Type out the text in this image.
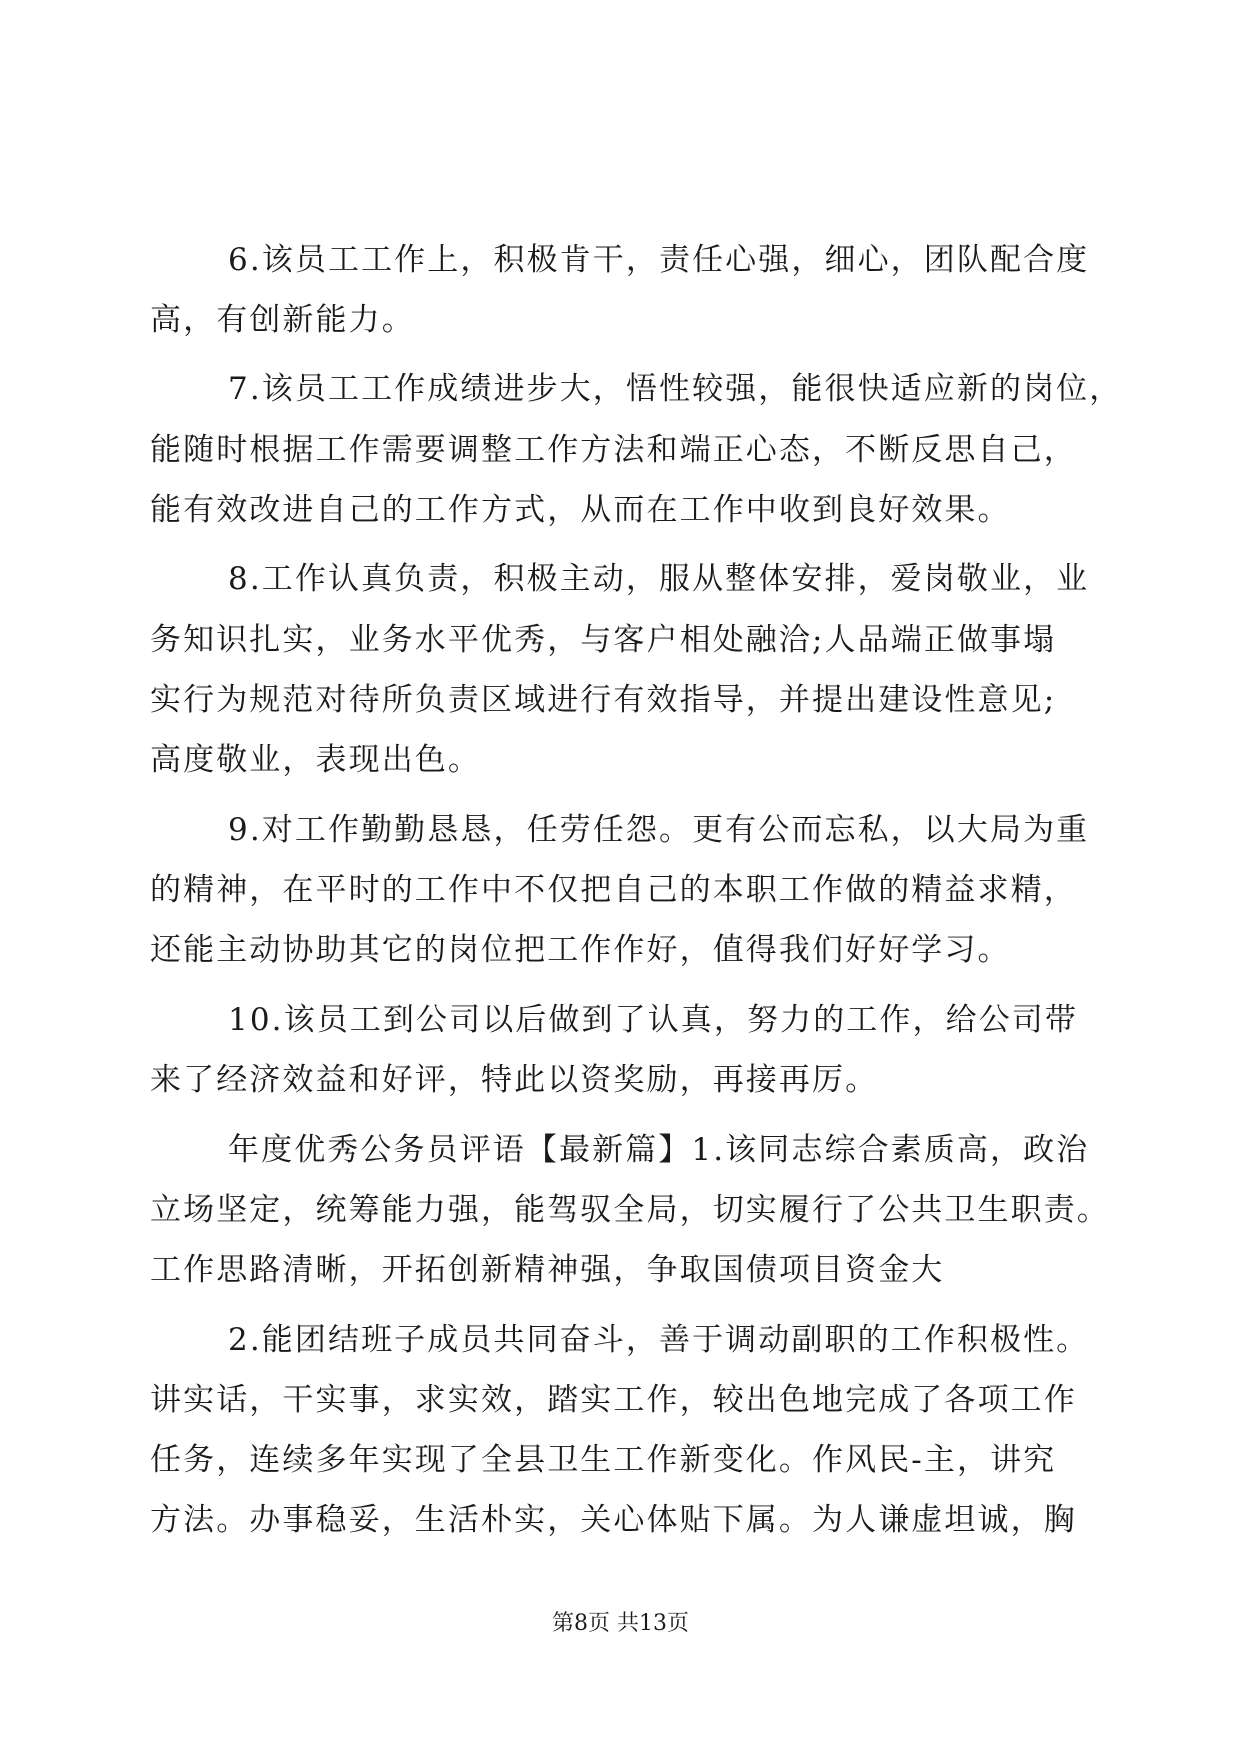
6.该员工工作上，积极肯干，责任心强，细心，团队配合度
高，有创新能力。
7.该员工工作成绩进步大，悟性较强，能很快适应新的岗位，
能随时根据工作需要调整工作方法和端正心态，不断反思自己，
能有效改进自己的工作方式，从而在工作中收到良好效果。
8.工作认真负责，积极主动，服从整体安排，爱岗敬业，业
务知识扎实，业务水平优秀，与客户相处融洽;人品端正做事塌
实行为规范对待所负责区域进行有效指导，并提出建设性意见;
高度敬业，表现出色。
9.对工作勤勤恳恳，任劳任怨。更有公而忘私，以大局为重
的精神，在平时的工作中不仅把自己的本职工作做的精益求精，
还能主动协助其它的岗位把工作作好，值得我们好好学习。
10.该员工到公司以后做到了认真，努力的工作，给公司带
来了经济效益和好评，特此以资奖励，再接再厉。
年度优秀公务员评语【最新篇】1.该同志综合素质高，政治
立场坚定，统筹能力强，能驾驭全局，切实履行了公共卫生职责。
工作思路清晰，开拓创新精神强，争取国债项目资金大
2.能团结班子成员共同奋斗，善于调动副职的工作积极性。
讲实话，干实事，求实效，踏实工作，较出色地完成了各项工作
任务，连续多年实现了全县卫生工作新变化。作风民-主，讲究
方法。办事稳妥，生活朴实，关心体贴下属。为人谦虚坦诚，胸
第8页 共13页
